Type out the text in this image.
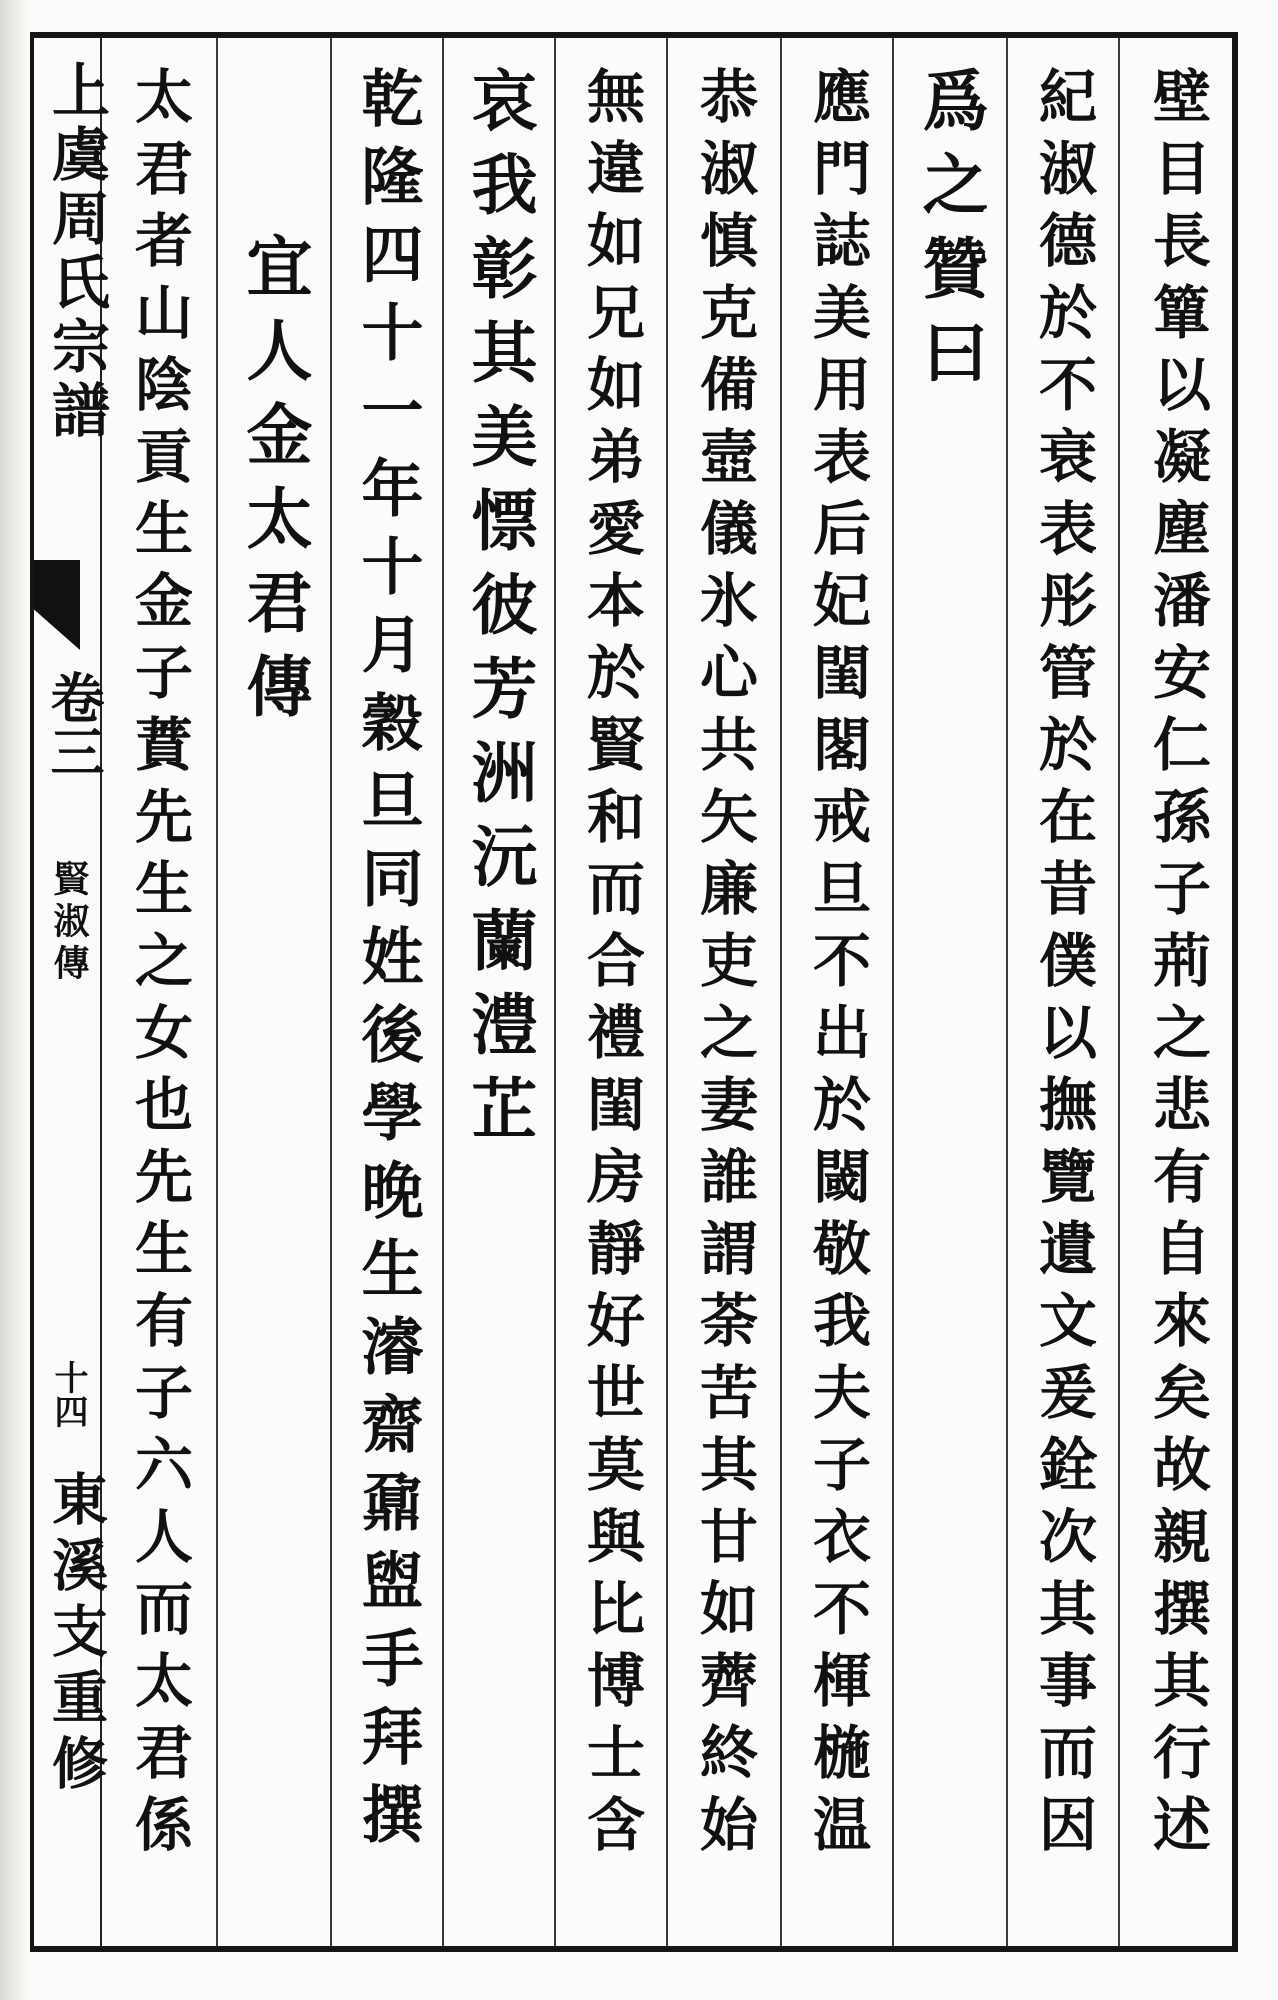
上虞周氏宗譜
卷三
賢淑傳
十四
東溪支重修	壁目長簞以凝塵潘安仁孫子荊之悲有自來矣故親撰其行述
紀淑德於不衰表彤管於在昔僕以撫覽遺文爰銓次其事而因
爲之贊曰
應門誌美用表后妃閨閣戒旦不出於閾敬我夫子衣不楎椸温
恭淑慎克備壼儀氷心共矢廉吏之妻誰謂荼苦其甘如薺終始
無違如兄如弟愛本於賢和而合禮閨房靜好世莫與比博士含
哀我彰其美慓彼芳洲沅蘭澧芷
乾隆四十一年十月穀旦同姓後學晚生濬齋鼐盥手拜撰
宜人金太君傳
太君者山陰貢生金子蕡先生之女也先生有子六人而太君係
